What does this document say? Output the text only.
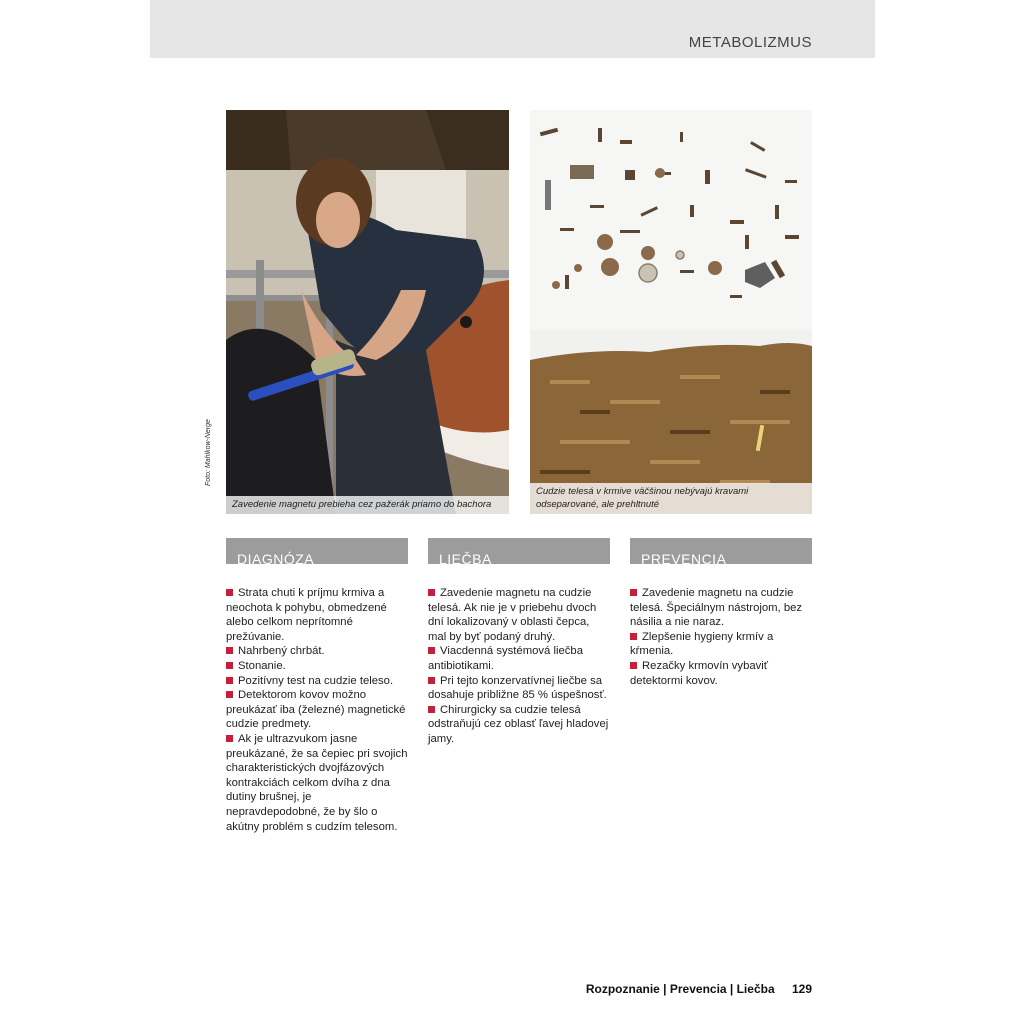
METABOLIZMUS
Zavedenie magnetu prebieha cez pažerák priamo do bachora
Foto: Mahlkow-Nerge
Cudzie telesá v krmive väčšinou nebývajú kravami odseparované, ale prehltnuté
DIAGNÓZA	LIEČBA	PREVENCIA
Strata chuti k príjmu krmiva a neochota k pohybu, obmedzené alebo celkom neprítomné prežúvanie.
Nahrbený chrbát.
Stonanie.
Pozitívny test na cudzie teleso.
Detektorom kovov možno preukázať iba (železné) magnetické cudzie predmety.
Ak je ultrazvukom jasne preukázané, že sa čepiec pri svojich charakteristických dvojfázových kontrakciách celkom dvíha z dna dutiny brušnej, je nepravdepodobné, že by šlo o akútny problém s cudzím telesom.
Zavedenie magnetu na cudzie telesá. Ak nie je v priebehu dvoch dní lokalizovaný v oblasti čepca, mal by byť podaný druhý.
Viacdenná systémová liečba antibiotikami.
Pri tejto konzervatívnej liečbe sa dosahuje približne 85 % úspešnosť.
Chirurgicky sa cudzie telesá odstraňujú cez oblasť ľavej hladovej jamy.
Zavedenie magnetu na cudzie telesá. Špeciálnym nástrojom, bez násilia a nie naraz.
Zlepšenie hygieny krmív a kŕmenia.
Rezačky krmovín vybaviť detektormi kovov.
Rozpoznanie | Prevencia | Liečba 129
